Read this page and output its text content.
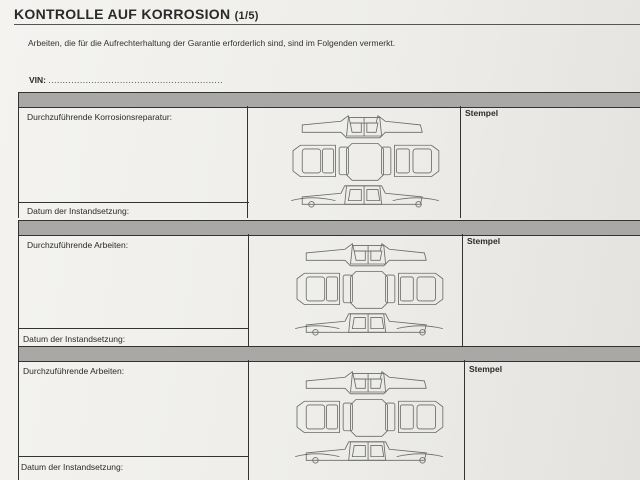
KONTROLLE AUF KORROSION (1/5)
Arbeiten, die für die Aufrechterhaltung der Garantie erforderlich sind, sind im Folgenden vermerkt.
VIN: .............................................................
Durchzuführende Korrosionsreparatur:
Datum der Instandsetzung:
Stempel
Durchzuführende Arbeiten:
Datum der Instandsetzung:
Stempel
Durchzuführende Arbeiten:
Datum der Instandsetzung:
Stempel
